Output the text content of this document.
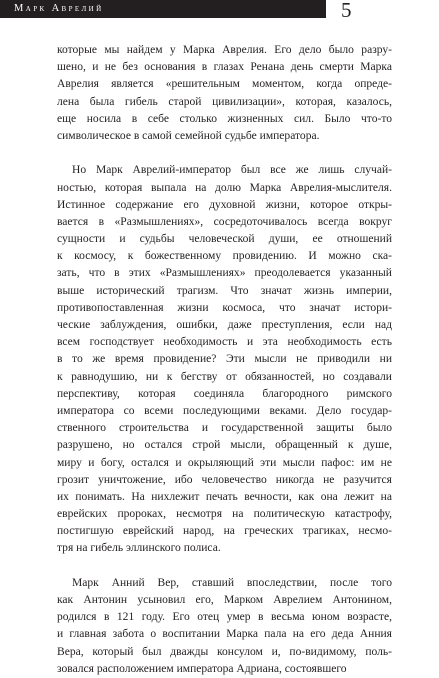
Марк Аврелий	5
которые мы найдем у Марка Аврелия. Его дело было разру-
шено, и не без основания в глазах Ренана день смерти Марка
Аврелия является «решительным моментом, когда опреде-
лена была гибель старой цивилизации», которая, казалось,
еще носила в себе столько жизненных сил. Было что-то
символическое в самой семейной судьбе императора.
Но Марк Аврелий-император был все же лишь случай-
ностью, которая выпала на долю Марка Аврелия-мыслителя.
Истинное содержание его духовной жизни, которое откры-
вается в «Размышлениях», сосредоточивалось всегда вокруг
сущности и судьбы человеческой души, ее отношений
к космосу, к божественному провидению. И можно ска-
зать, что в этих «Размышлениях» преодолевается указанный
выше исторический трагизм. Что значат жизнь империи,
противопоставленная жизни космоса, что значат истори-
ческие заблуждения, ошибки, даже преступления, если над
всем господствует необходимость и эта необходимость есть
в то же время провидение? Эти мысли не приводили ни
к равнодушию, ни к бегству от обязанностей, но создавали
перспективу, которая соединяла благородного римского
императора со всеми последующими веками. Дело государ-
ственного строительства и государственной защиты было
разрушено, но остался строй мысли, обращенный к душе,
миру и богу, остался и окрыляющий эти мысли пафос: им не
грозит уничтожение, ибо человечество никогда не разучится
их понимать. На нихлежит печать вечности, как она лежит на
еврейских пророках, несмотря на политическую катастрофу,
постигшую еврейский народ, на греческих трагиках, несмо-
тря на гибель эллинского полиса.
Марк Анний Вер, ставший впоследствии, после того
как Антонин усыновил его, Марком Аврелием Антонином,
родился в 121 году. Его отец умер в весьма юном возрасте,
и главная забота о воспитании Марка пала на его деда Анния
Вера, который был дважды консулом и, по-видимому, поль-
зовался расположением императора Адриана, состоявшего
